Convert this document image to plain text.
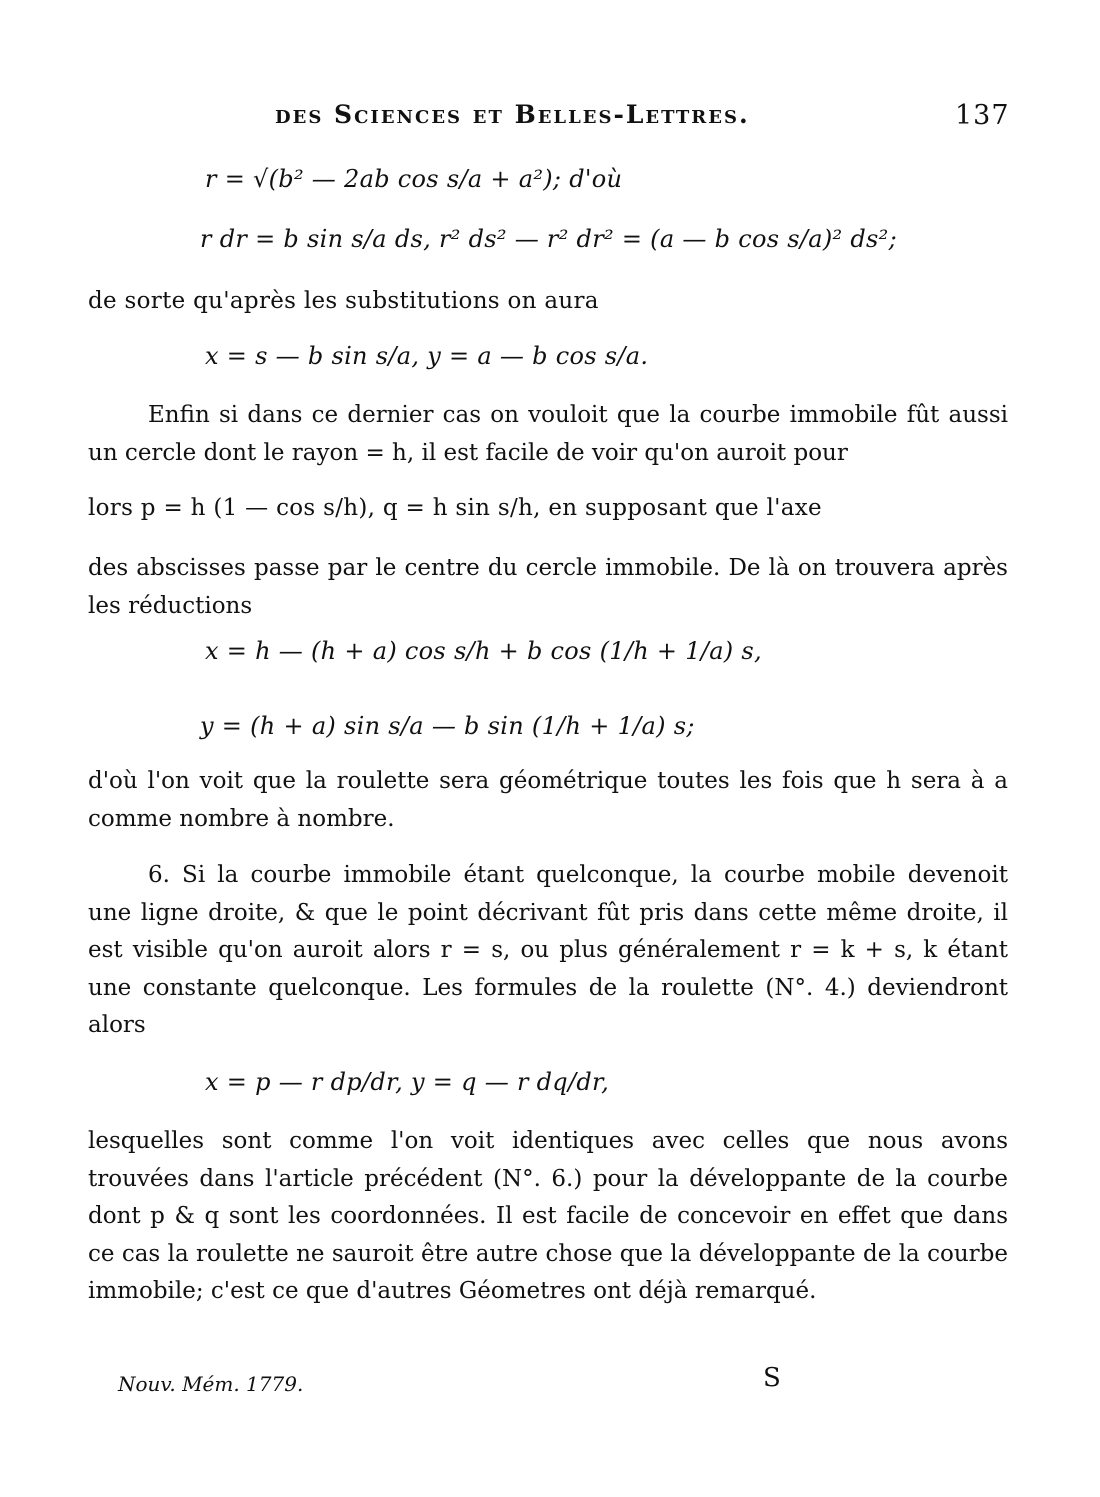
des Sciences et Belles-Lettres.	137
r = √(b² — 2ab cos s/a + a²); d'où
r dr = b sin s/a ds, r² ds² — r² dr² = (a — b cos s/a)² ds²;
de sorte qu'après les substitutions on aura
x = s — b sin s/a, y = a — b cos s/a.
Enfin si dans ce dernier cas on vouloit que la courbe immobile fût aussi un cercle dont le rayon = h, il est facile de voir qu'on auroit pour
lors p = h (1 — cos s/h), q = h sin s/h, en supposant que l'axe
des abscisses passe par le centre du cercle immobile. De là on trouvera après les réductions
x = h — (h + a) cos s/h + b cos (1/h + 1/a) s,
y = (h + a) sin s/a — b sin (1/h + 1/a) s;
d'où l'on voit que la roulette sera géométrique toutes les fois que h sera à a comme nombre à nombre.
6. Si la courbe immobile étant quelconque, la courbe mobile devenoit une ligne droite, & que le point décrivant fût pris dans cette même droite, il est visible qu'on auroit alors r = s, ou plus généralement r = k + s, k étant une constante quelconque. Les formules de la roulette (N°. 4.) deviendront alors
x = p — r dp/dr, y = q — r dq/dr,
lesquelles sont comme l'on voit identiques avec celles que nous avons trouvées dans l'article précédent (N°. 6.) pour la développante de la courbe dont p & q sont les coordonnées. Il est facile de concevoir en effet que dans ce cas la roulette ne sauroit être autre chose que la développante de la courbe immobile; c'est ce que d'autres Géometres ont déjà remarqué.
Nouv. Mém. 1779.	S
